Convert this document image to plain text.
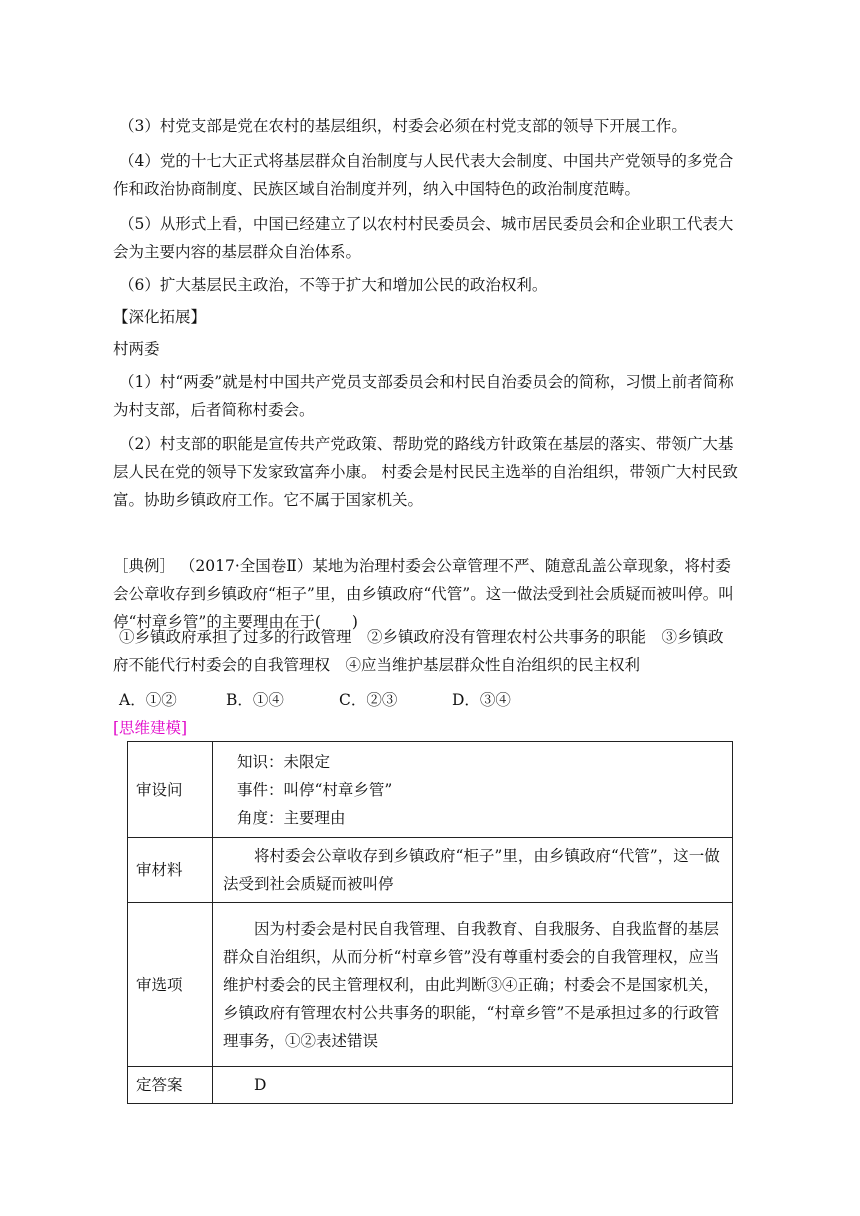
（3）村党支部是党在农村的基层组织，村委会必须在村党支部的领导下开展工作。
（4）党的十七大正式将基层群众自治制度与人民代表大会制度、中国共产党领导的多党合作和政治协商制度、民族区域自治制度并列，纳入中国特色的政治制度范畴。
（5）从形式上看，中国已经建立了以农村村民委员会、城市居民委员会和企业职工代表大会为主要内容的基层群众自治体系。
（6）扩大基层民主政治，不等于扩大和增加公民的政治权利。
【深化拓展】
村两委
（1）村“两委”就是村中国共产党员支部委员会和村民自治委员会的简称，习惯上前者简称为村支部，后者简称村委会。
（2）村支部的职能是宣传共产党政策、帮助党的路线方针政策在基层的落实、带领广大基层人民在党的领导下发家致富奔小康。 村委会是村民民主选举的自治组织，带领广大村民致富。协助乡镇政府工作。它不属于国家机关。
［典例］ （2017·全国卷Ⅱ）某地为治理村委会公章管理不严、随意乱盖公章现象，将村委会公章收存到乡镇政府“柜子”里，由乡镇政府“代管”。这一做法受到社会质疑而被叫停。叫停“村章乡管”的主要理由在于(　　)
①乡镇政府承担了过多的行政管理　②乡镇政府没有管理农村公共事务的职能　③乡镇政府不能代行村委会的自我管理权　④应当维护基层群众性自治组织的民主权利
A．①②	B．①④	C．②③	D．③④
[思维建模]
审设问	知识：未限定
事件：叫停“村章乡管”
角度：主要理由

审材料	将村委会公章收存到乡镇政府“柜子”里，由乡镇政府“代管”，这一做法受到社会质疑而被叫停
审选项	因为村委会是村民自我管理、自我教育、自我服务、自我监督的基层群众自治组织，从而分析“村章乡管”没有尊重村委会的自我管理权，应当维护村委会的民主管理权利，由此判断③④正确；村委会不是国家机关，乡镇政府有管理农村公共事务的职能，“村章乡管”不是承担过多的行政管理事务，①②表述错误
定答案	D
